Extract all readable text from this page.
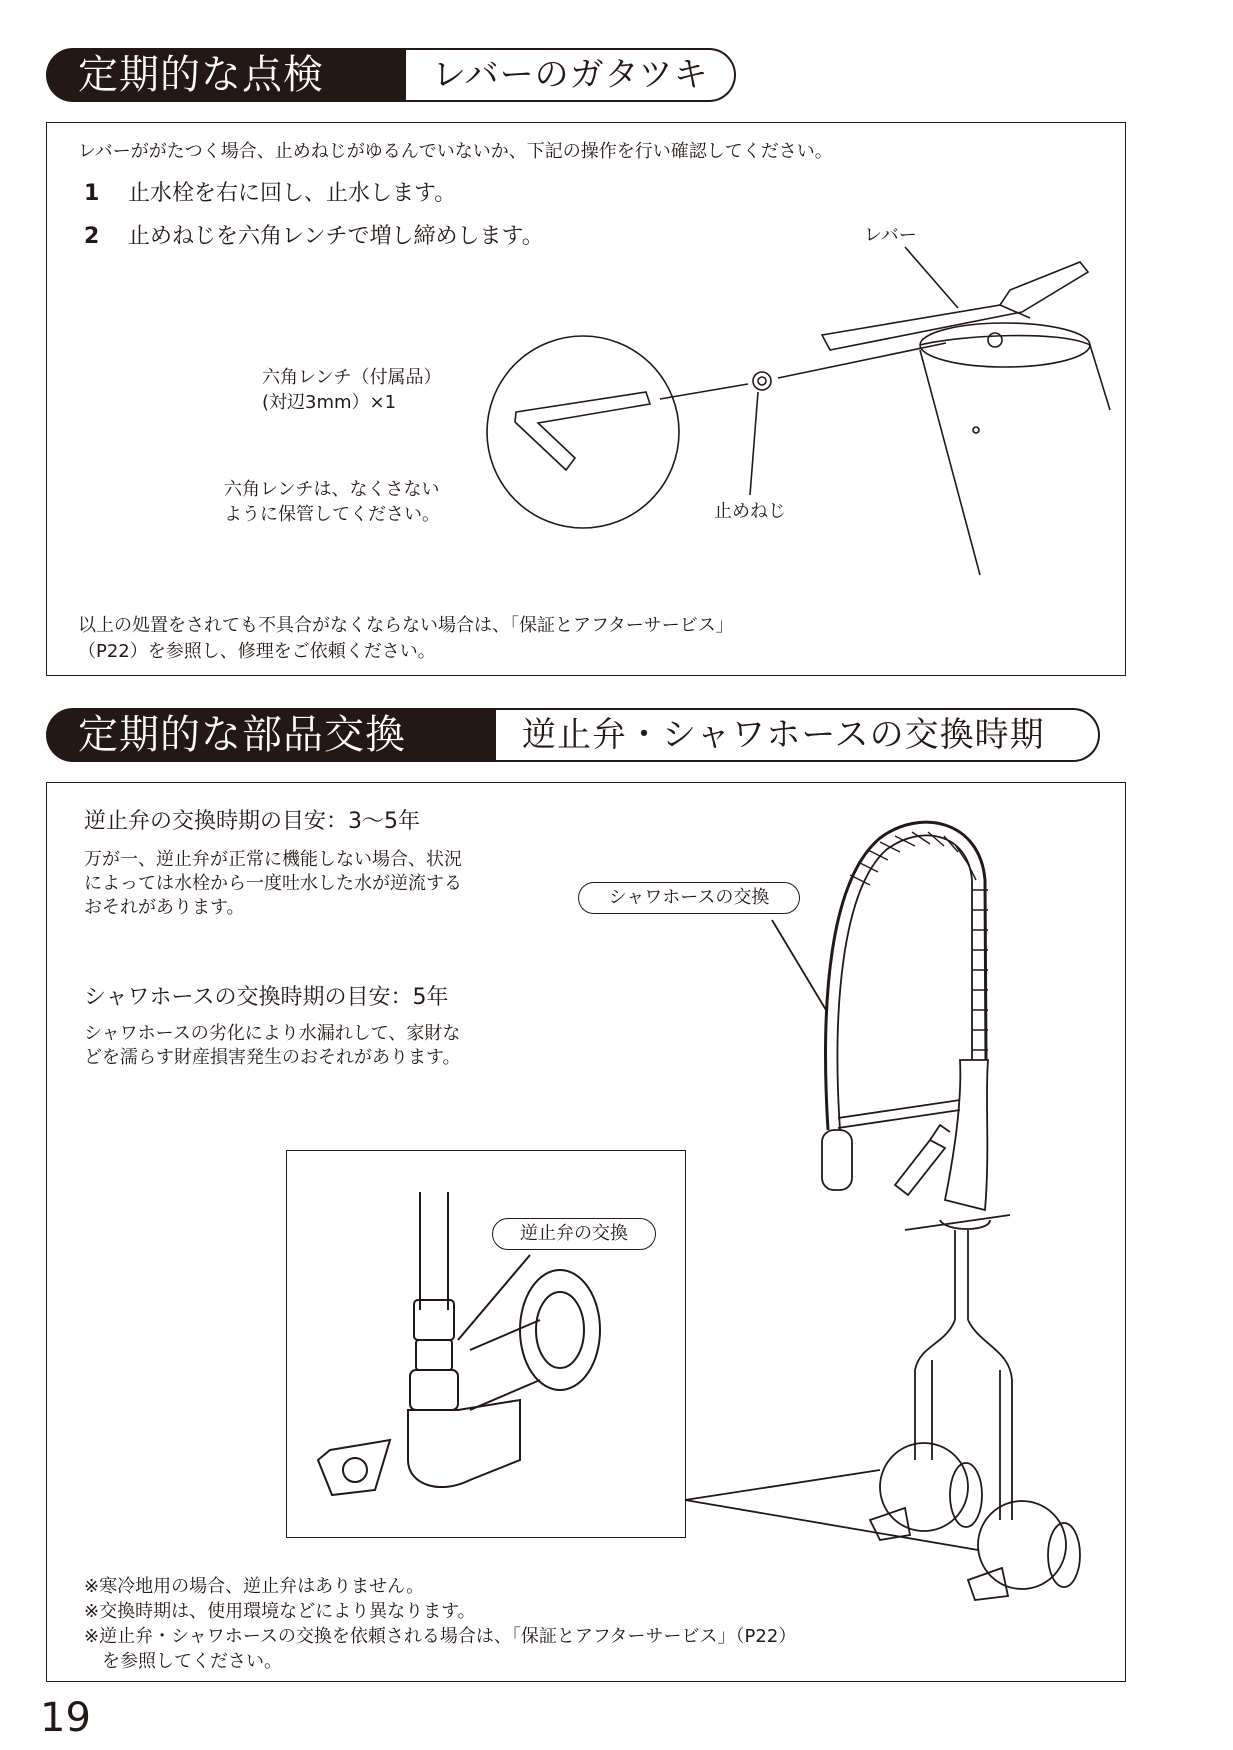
定期的な点検	レバーのガタツキ
レバーががたつく場合、止めねじがゆるんでいないか、下記の操作を行い確認してください。
1 止水栓を右に回し、止水します。
2 止めねじを六角レンチで増し締めします。	レバー
六角レンチ（付属品）
(対辺3mm）×1
六角レンチは、なくさない
ように保管してください。	止めねじ
以上の処置をされても不具合がなくならない場合は、「保証とアフターサービス」
（P22）を参照し、修理をご依頼ください。
定期的な部品交換	逆止弁・シャワホースの交換時期
逆止弁の交換時期の目安：3～5年
万が一、逆止弁が正常に機能しない場合、状況
によっては水栓から一度吐水した水が逆流する
おそれがあります。
シャワホースの交換時期の目安：5年
シャワホースの劣化により水漏れして、家財な
どを濡らす財産損害発生のおそれがあります。
シャワホースの交換
逆止弁の交換
※寒冷地用の場合、逆止弁はありません。
※交換時期は、使用環境などにより異なります。
※逆止弁・シャワホースの交換を依頼される場合は、「保証とアフターサービス」（P22）
　を参照してください。
19
